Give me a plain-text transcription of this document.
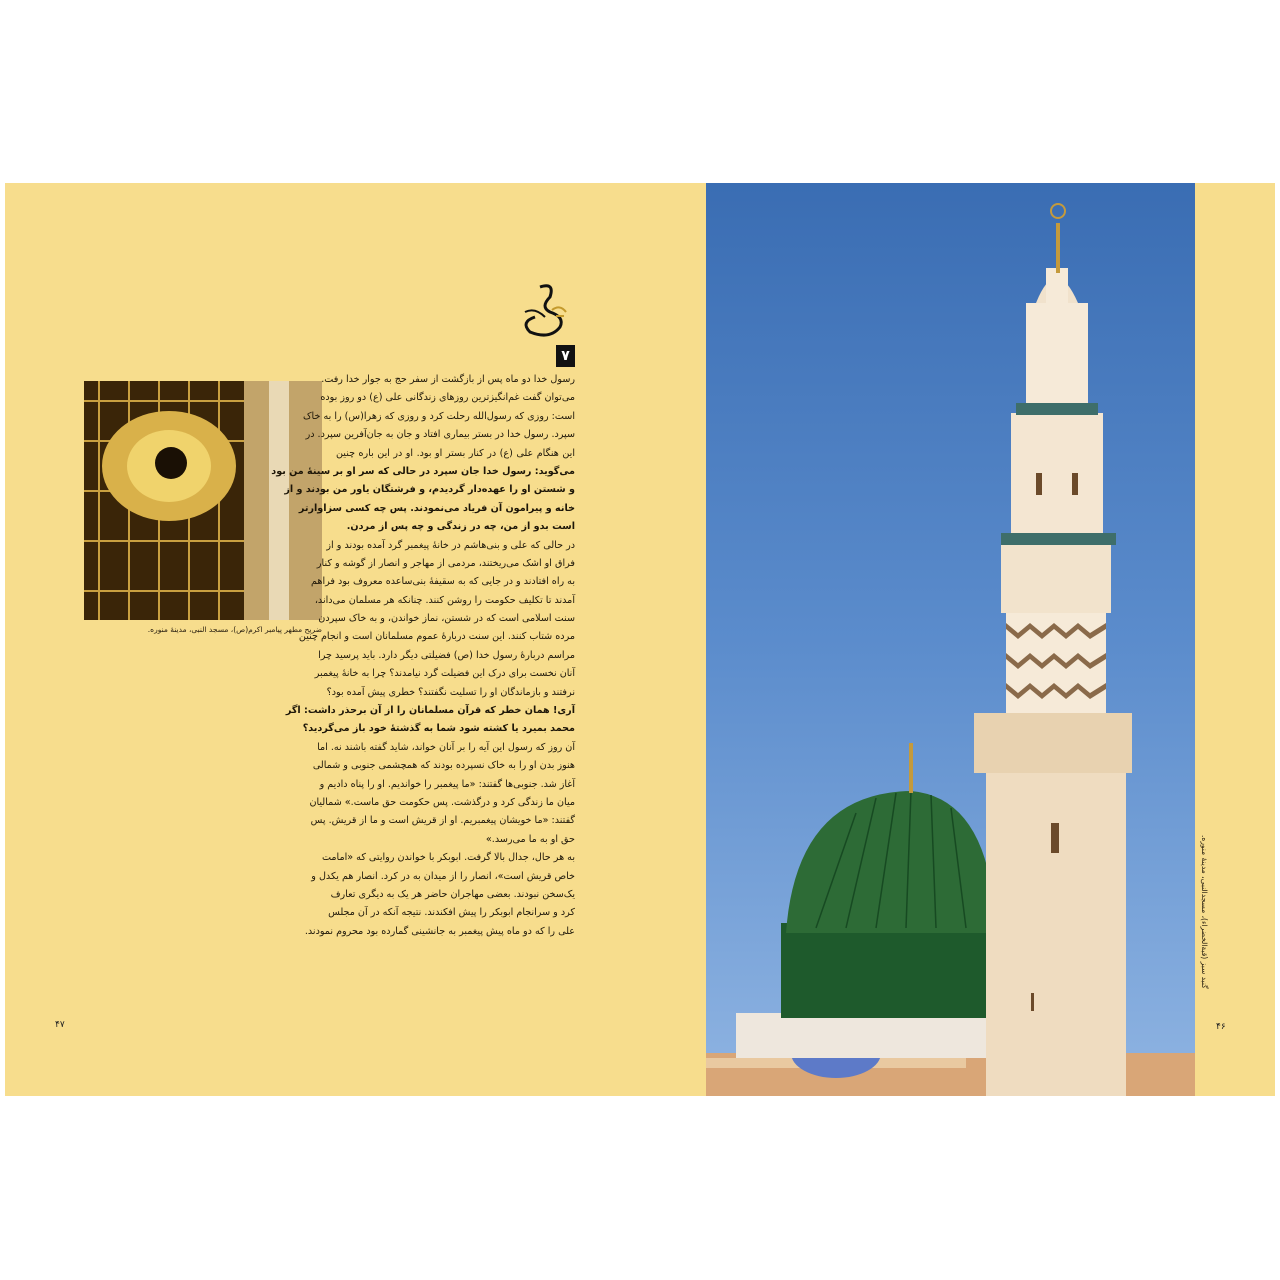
ضریح مطهر پیامبر اکرم(ص)، مسجد النبی، مدینهٔ منوره.
۷
رسول خدا دو ماه پس از بازگشت از سفر حج به جوار خدا رفت.
می‌توان گفت غم‌انگیزترین روزهای زندگانی علی (ع) دو روز بوده
است: روزی که رسول‌الله رحلت کرد و روزی که زهرا(س) را به خاک
سپرد. رسول خدا در بستر بیماری افتاد و جان به جان‌آفرین سپرد. در
این هنگام علی (ع) در کنار بستر او بود. او در این باره چنین
می‌گوید: رسول خدا جان سپرد در حالی که سر او بر سینهٔ من بود
و شستن او را عهده‌دار گردیدم، و فرشتگان یاور من بودند و از
خانه و پیرامون آن فریاد می‌نمودند. پس چه کسی سزاوارتر
است بدو از من، چه در زندگی و چه پس از مردن.
در حالی که علی و بنی‌هاشم در خانهٔ پیغمبر گرد آمده بودند و از
فراق او اشک می‌ریختند، مردمی از مهاجر و انصار از گوشه و کنار
به راه افتادند و در جایی که به سقیفهٔ بنی‌ساعده معروف بود فراهم
آمدند تا تکلیف حکومت را روشن کنند. چنانکه هر مسلمان می‌داند،
سنت اسلامی است که در شستن، نماز خواندن، و به خاک سپردن
مرده شتاب کنند. این سنت دربارهٔ عموم مسلمانان است و انجام چنین
مراسم دربارهٔ رسول خدا (ص) فضیلتی دیگر دارد. باید پرسید چرا
آنان نخست برای درک این فضیلت گرد نیامدند؟ چرا به خانهٔ پیغمبر
نرفتند و بازماندگان او را تسلیت نگفتند؟ خطری پیش آمده بود؟
آری! همان خطر که قرآن مسلمانان را از آن برحذر داشت: اگر
محمد بمیرد یا کشته شود شما به گذشتهٔ خود باز می‌گردید؟
آن روز که رسول این آیه را بر آنان خواند، شاید گفته باشند نه. اما
هنوز بدن او را به خاک نسپرده بودند که همچشمی جنوبی و شمالی
آغاز شد. جنوبی‌ها گفتند: «ما پیغمبر را خواندیم. او را پناه دادیم و
میان ما زندگی کرد و درگذشت. پس حکومت حق ماست.» شمالیان
گفتند: «ما خویشان پیغمبریم. او از قریش است و ما از قریش. پس
حق او به ما می‌رسد.»
به هر حال، جدال بالا گرفت. ابوبکر با خواندن روایتی که «امامت
خاص قریش است»، انصار را از میدان به در کرد. انصار هم یکدل و
یک‌سخن نبودند. بعضی مهاجران حاضر هر یک به دیگری تعارف
کرد و سرانجام ابوبکر را پیش افکندند. نتیجه آنکه در آن مجلس
علی را که دو ماه پیش پیغمبر به جانشینی گمارده بود محروم نمودند.
۴۷	۴۶
گنبد سبز (قبة‌الخضراء)، مسجدالنبی، مدینهٔ منوره.
